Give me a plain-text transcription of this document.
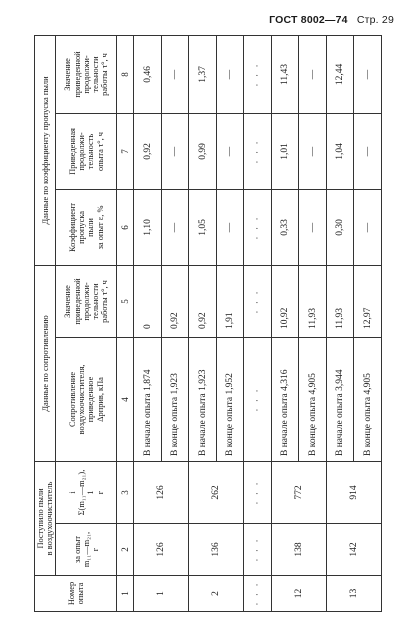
ГОСТ 8002—74 Стр. 29
Номер опыта	Поступило пыли в воздухоочиститель		Данные по сопротивлению		Данные по коэффициенту пропуска пыли		

	за опыт m₁₁—m₂₁, г	i Σ(m₁₁—m₂₁), 1 г	Сопротивление воздухоочистителя, приведенное Δpприв, кПа	Значение приведенной продолжи- тельности работы τ°, ч	Коэффициент пропуска пыли за опыт ε, %	Приведенная продолжи- тельность опыта τ°, ч	Значение приведенной продолжи- тельности работы τ°, ч

1	2	3	4	5	6	7	8
1	126	126	В начале опыта 1,874	0	1,10	0,92	0,46
			В конце опыта 1,923	0,92	—	—	—
2	136	262	В начале опыта 1,923	0,92	1,05	0,99	1,37
			В конце опыта 1,952	1,91	—	—	—
· · ·	· · ·	· · ·	· · ·	· · ·	· · ·	· · ·	· · ·
12	138	772	В начале опыта 4,316	10,92	0,33	1,01	11,43
			В конце опыта 4,905	11,93	—	—	—
13	142	914	В начале опыта 3,944	11,93	0,30	1,04	12,44
			В конце опыта 4,905	12,97	—	—	—
